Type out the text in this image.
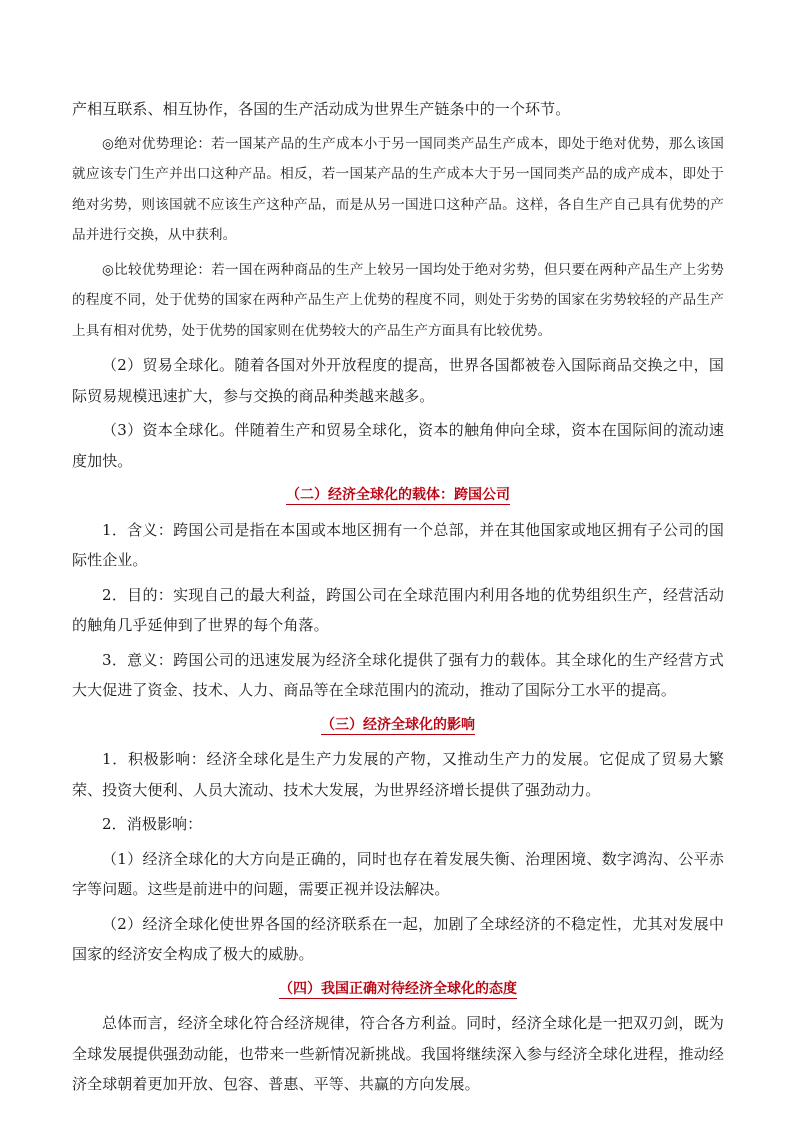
产相互联系、相互协作，各国的生产活动成为世界生产链条中的一个环节。

◎绝对优势理论：若一国某产品的生产成本小于另一国同类产品生产成本，即处于绝对优势，那么该国就应该专门生产并出口这种产品。相反，若一国某产品的生产成本大于另一国同类产品的成产成本，即处于绝对劣势，则该国就不应该生产这种产品，而是从另一国进口这种产品。这样，各自生产自己具有优势的产品并进行交换，从中获利。

◎比较优势理论：若一国在两种商品的生产上较另一国均处于绝对劣势，但只要在两种产品生产上劣势的程度不同，处于优势的国家在两种产品生产上优势的程度不同，则处于劣势的国家在劣势较轻的产品生产上具有相对优势，处于优势的国家则在优势较大的产品生产方面具有比较优势。

（2）贸易全球化。随着各国对外开放程度的提高，世界各国都被卷入国际商品交换之中，国际贸易规模迅速扩大，参与交换的商品种类越来越多。

（3）资本全球化。伴随着生产和贸易全球化，资本的触角伸向全球，资本在国际间的流动速度加快。

（二）经济全球化的载体：跨国公司

1．含义：跨国公司是指在本国或本地区拥有一个总部，并在其他国家或地区拥有子公司的国际性企业。

2．目的：实现自己的最大利益，跨国公司在全球范围内利用各地的优势组织生产，经营活动的触角几乎延伸到了世界的每个角落。

3．意义：跨国公司的迅速发展为经济全球化提供了强有力的载体。其全球化的生产经营方式大大促进了资金、技术、人力、商品等在全球范围内的流动，推动了国际分工水平的提高。

（三）经济全球化的影响

1．积极影响：经济全球化是生产力发展的产物，又推动生产力的发展。它促成了贸易大繁荣、投资大便利、人员大流动、技术大发展，为世界经济增长提供了强劲动力。

2．消极影响：

（1）经济全球化的大方向是正确的，同时也存在着发展失衡、治理困境、数字鸿沟、公平赤字等问题。这些是前进中的问题，需要正视并设法解决。

（2）经济全球化使世界各国的经济联系在一起，加剧了全球经济的不稳定性，尤其对发展中国家的经济安全构成了极大的威胁。

（四）我国正确对待经济全球化的态度

总体而言，经济全球化符合经济规律，符合各方利益。同时，经济全球化是一把双刃剑，既为全球发展提供强劲动能，也带来一些新情况新挑战。我国将继续深入参与经济全球化进程，推动经济全球朝着更加开放、包容、普惠、平等、共赢的方向发展。
